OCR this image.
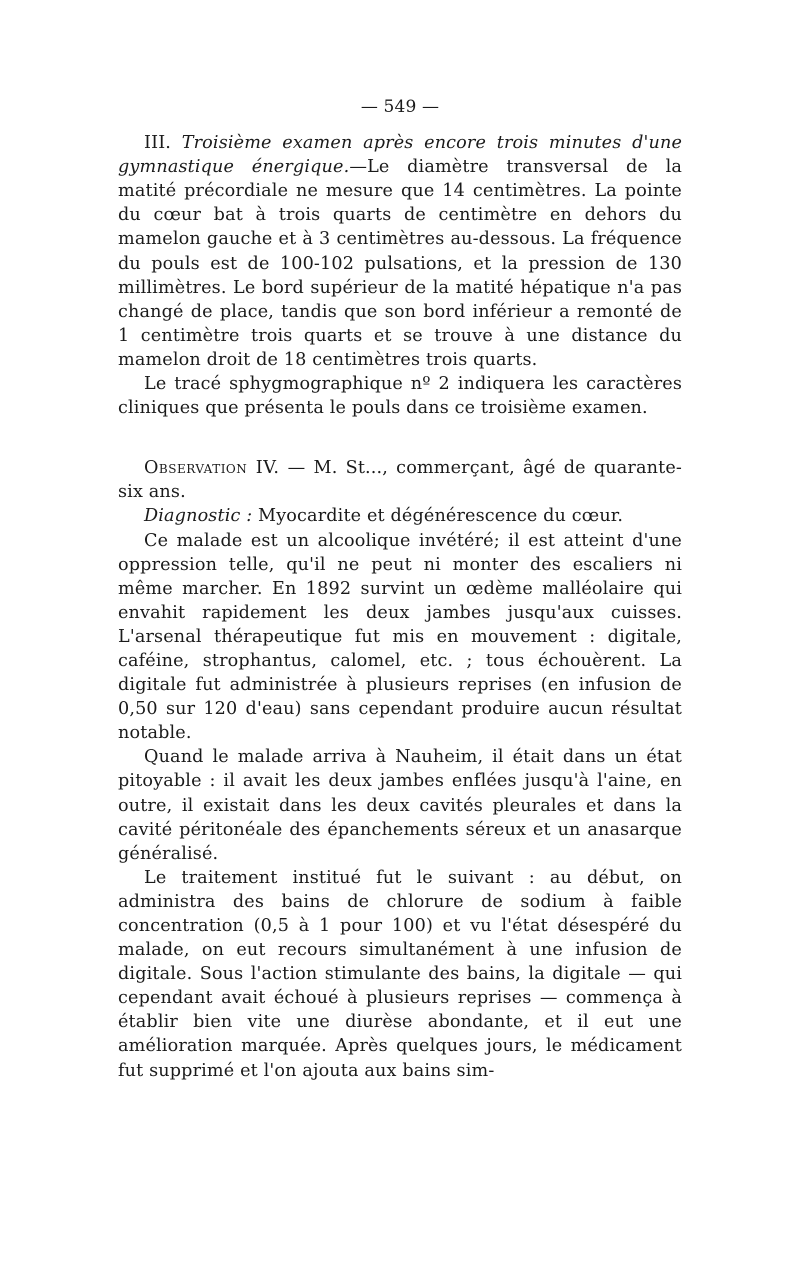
— 549 —

III. Troisième examen après encore trois minutes d'une gymnastique énergique.—Le diamètre transversal de la matité précordiale ne mesure que 14 centimètres. La pointe du cœur bat à trois quarts de centimètre en dehors du mamelon gauche et à 3 centimètres au-dessous. La fréquence du pouls est de 100-102 pulsations, et la pression de 130 millimètres. Le bord supérieur de la matité hépatique n'a pas changé de place, tandis que son bord inférieur a remonté de 1 centimètre trois quarts et se trouve à une distance du mamelon droit de 18 centimètres trois quarts.

Le tracé sphygmographique nº 2 indiquera les caractères cliniques que présenta le pouls dans ce troisième examen.

Observation IV. — M. St..., commerçant, âgé de quarante-six ans.

Diagnostic : Myocardite et dégénérescence du cœur.

Ce malade est un alcoolique invétéré; il est atteint d'une oppression telle, qu'il ne peut ni monter des escaliers ni même marcher. En 1892 survint un œdème malléolaire qui envahit rapidement les deux jambes jusqu'aux cuisses. L'arsenal thérapeutique fut mis en mouvement : digitale, caféine, strophantus, calomel, etc. ; tous échouèrent. La digitale fut administrée à plusieurs reprises (en infusion de 0,50 sur 120 d'eau) sans cependant produire aucun résultat notable.

Quand le malade arriva à Nauheim, il était dans un état pitoyable : il avait les deux jambes enflées jusqu'à l'aine, en outre, il existait dans les deux cavités pleurales et dans la cavité péritonéale des épanchements séreux et un anasarque généralisé.

Le traitement institué fut le suivant : au début, on administra des bains de chlorure de sodium à faible concentration (0,5 à 1 pour 100) et vu l'état désespéré du malade, on eut recours simultanément à une infusion de digitale. Sous l'action stimulante des bains, la digitale — qui cependant avait échoué à plusieurs reprises — commença à établir bien vite une diurèse abondante, et il eut une amélioration marquée. Après quelques jours, le médicament fut supprimé et l'on ajouta aux bains sim-
